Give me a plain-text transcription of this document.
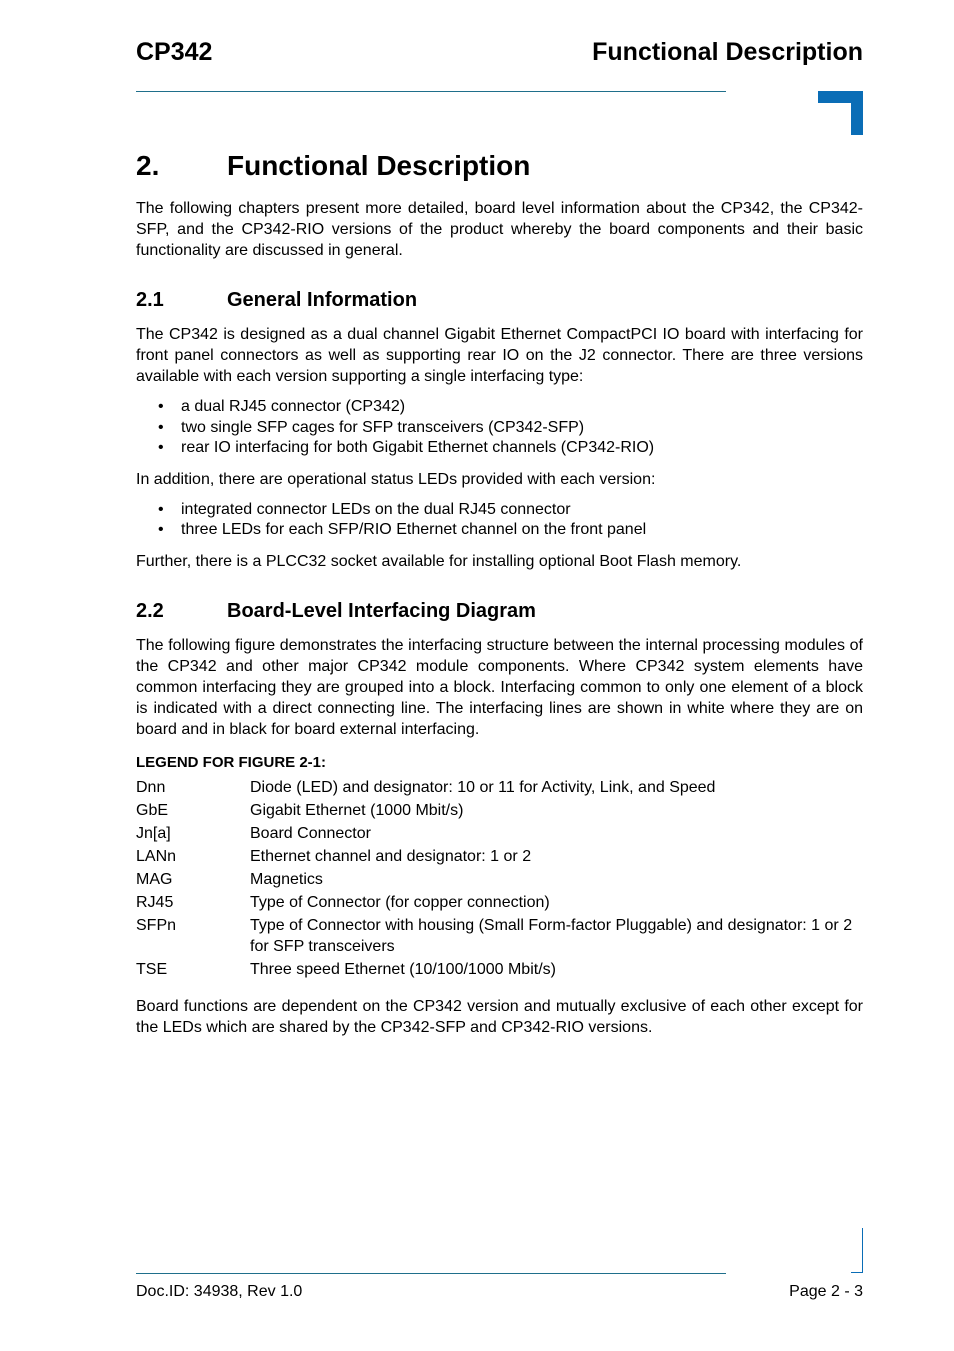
CP342	Functional Description
2.	Functional Description

The following chapters present more detailed, board level information about the CP342, the CP342-SFP, and the CP342-RIO versions of the product whereby the board components and their basic functionality are discussed in general.

2.1	General Information

The CP342 is designed as a dual channel Gigabit Ethernet CompactPCI IO board with interfacing for front panel connectors as well as supporting rear IO on the J2 connector. There are three versions available with each version supporting a single interfacing type:

•	a dual RJ45 connector (CP342)
•	two single SFP cages for SFP transceivers (CP342-SFP)
•	rear IO interfacing for both Gigabit Ethernet channels (CP342-RIO)

In addition, there are operational status LEDs provided with each version:

•	integrated connector LEDs on the dual RJ45 connector
•	three LEDs for each SFP/RIO Ethernet channel on the front panel

Further, there is a PLCC32 socket available for installing optional Boot Flash memory.

2.2	Board-Level Interfacing Diagram

The following figure demonstrates the interfacing structure between the internal processing modules of the CP342 and other major CP342 module components. Where CP342 system elements have common interfacing they are grouped into a block. Interfacing common to only one element of a block is indicated with a direct connecting line. The interfacing lines are shown in white where they are on board and in black for board external interfacing.

LEGEND FOR FIGURE 2-1:
Dnn	Diode (LED) and designator: 10 or 11 for Activity, Link, and Speed
GbE	Gigabit Ethernet (1000 Mbit/s)
Jn[a]	Board Connector
LANn	Ethernet channel and designator: 1 or 2
MAG	Magnetics
RJ45	Type of Connector (for copper connection)
SFPn	Type of Connector with housing (Small Form-factor Pluggable) and designator: 1 or 2 for SFP transceivers
TSE	Three speed Ethernet (10/100/1000 Mbit/s)

Board functions are dependent on the CP342 version and mutually exclusive of each other except for the LEDs which are shared by the CP342-SFP and CP342-RIO versions.

Doc.ID: 34938, Rev 1.0	Page 2 - 3
